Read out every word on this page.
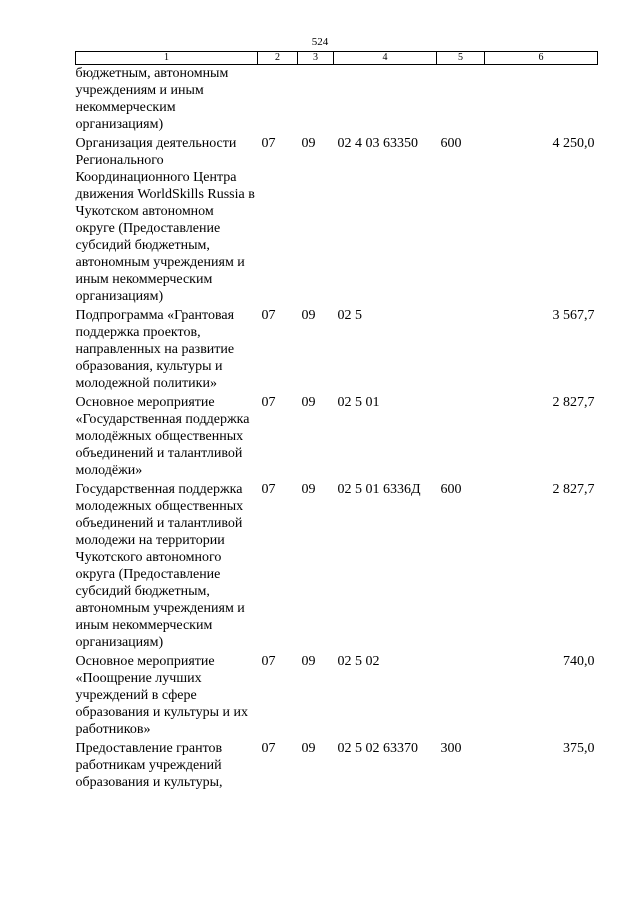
524
1	2	3	4	5	6
бюджетным, автономным учреждениям и иным некоммерческим организациям)					
Организация деятельности Регионального Координационного Центра движения WorldSkills Russia в Чукотском автономном округе (Предоставление субсидий бюджетным, автономным учреждениям и иным некоммерческим организациям)	07	09	02 4 03 63350	600	4 250,0
Подпрограмма «Грантовая поддержка проектов, направленных на развитие образования, культуры и молодежной политики»	07	09	02 5		3 567,7
Основное мероприятие «Государственная поддержка молодёжных общественных объединений и талантливой молодёжи»	07	09	02 5 01		2 827,7
Государственная поддержка молодежных общественных объединений и талантливой молодежи на территории Чукотского автономного округа (Предоставление субсидий бюджетным, автономным учреждениям и иным некоммерческим организациям)	07	09	02 5 01 6336Д	600	2 827,7
Основное мероприятие «Поощрение лучших учреждений в сфере образования и культуры и их работников»	07	09	02 5 02		740,0
Предоставление грантов работникам учреждений образования и культуры,	07	09	02 5 02 63370	300	375,0
